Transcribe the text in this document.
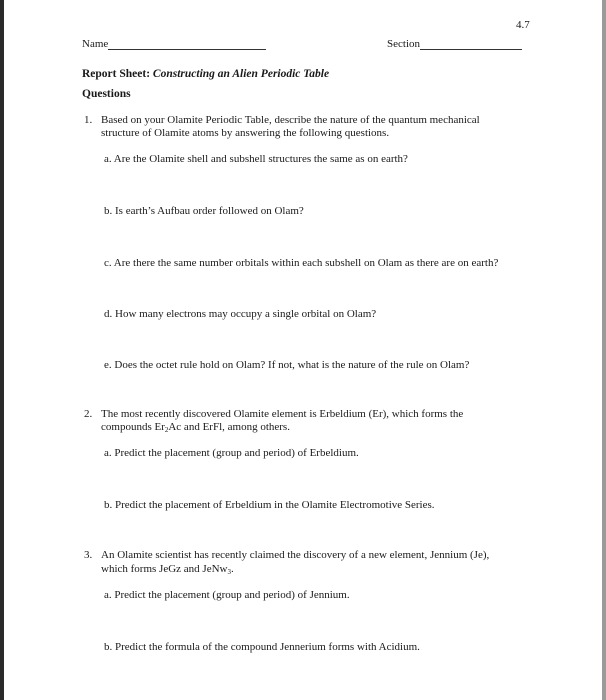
4.7
Name	Section
Report Sheet: Constructing an Alien Periodic Table
Questions
1. Based on your Olamite Periodic Table, describe the nature of the quantum mechanical
structure of Olamite atoms by answering the following questions.
a. Are the Olamite shell and subshell structures the same as on earth?
b. Is earth’s Aufbau order followed on Olam?
c. Are there the same number orbitals within each subshell on Olam as there are on earth?
d. How many electrons may occupy a single orbital on Olam?
e. Does the octet rule hold on Olam? If not, what is the nature of the rule on Olam?
2. The most recently discovered Olamite element is Erbeldium (Er), which forms the
compounds $Er_2Ac$ and ErFl, among others.
a. Predict the placement (group and period) of Erbeldium.
b. Predict the placement of Erbeldium in the Olamite Electromotive Series.
3. An Olamite scientist has recently claimed the discovery of a new element, Jennium (Je),
which forms JeGz and JeNw$_3$.
a. Predict the placement (group and period) of Jennium.
b. Predict the formula of the compound Jennerium forms with Acidium.
